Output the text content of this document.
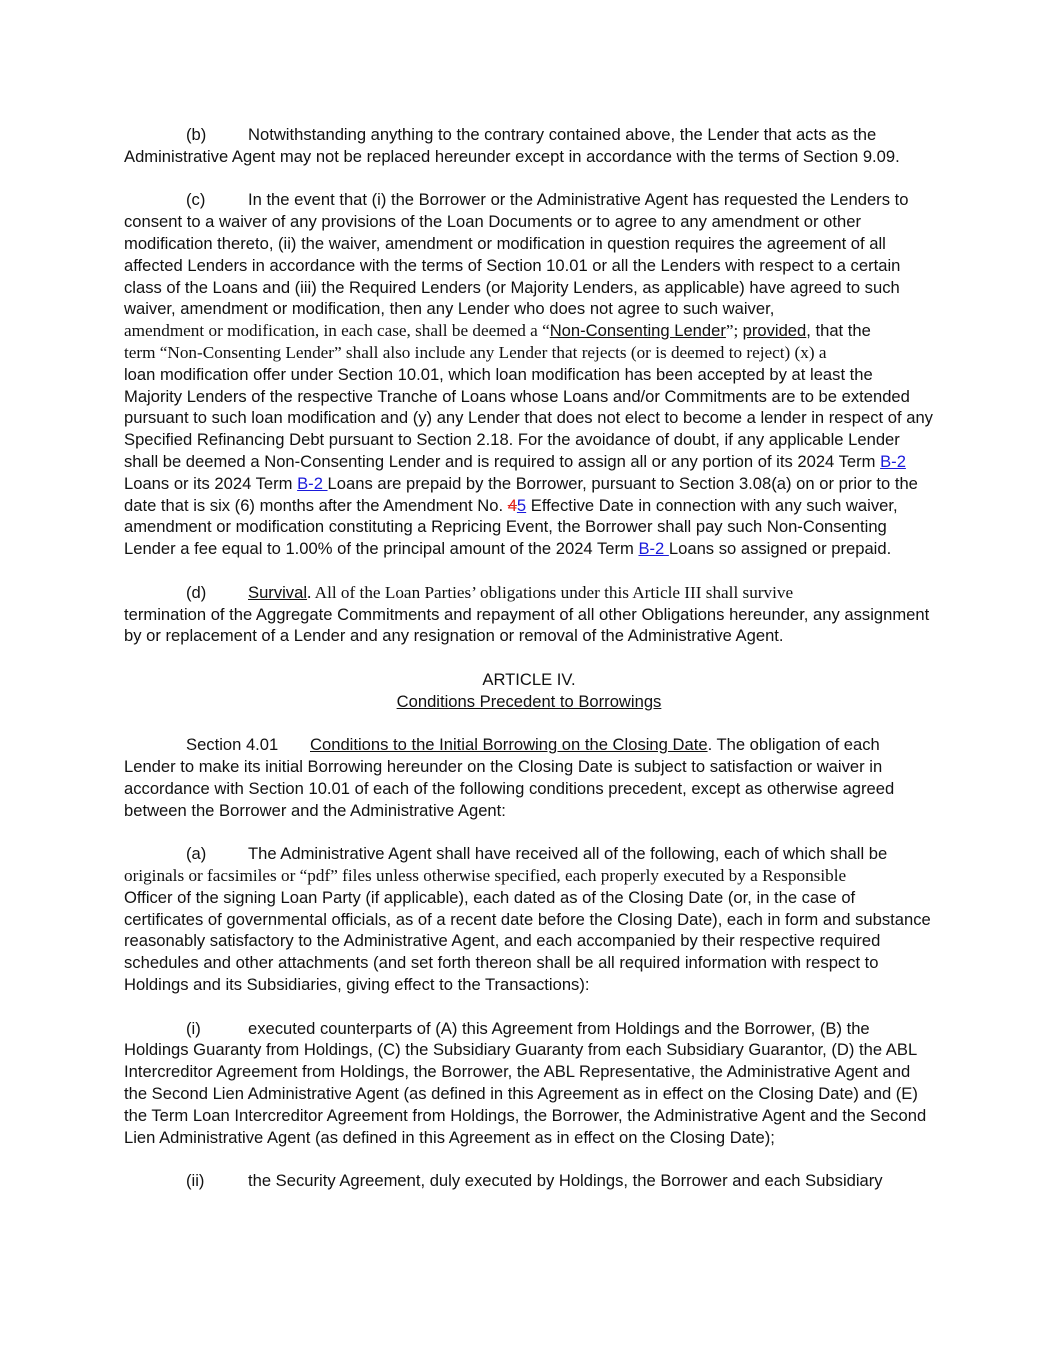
(b)	Notwithstanding anything to the contrary contained above, the Lender that acts as the Administrative Agent may not be replaced hereunder except in accordance with the terms of Section 9.09.

(c)	In the event that (i) the Borrower or the Administrative Agent has requested the Lenders to consent to a waiver of any provisions of the Loan Documents or to agree to any amendment or other modification thereto, (ii) the waiver, amendment or modification in question requires the agreement of all affected Lenders in accordance with the terms of Section 10.01 or all the Lenders with respect to a certain class of the Loans and (iii) the Required Lenders (or Majority Lenders, as applicable) have agreed to such waiver, amendment or modification, then any Lender who does not agree to such waiver,
amendment or modification, in each case, shall be deemed a “Non-Consenting Lender”; provided, that the
term “Non-Consenting Lender” shall also include any Lender that rejects (or is deemed to reject) (x) a
loan modification offer under Section 10.01, which loan modification has been accepted by at least the Majority Lenders of the respective Tranche of Loans whose Loans and/or Commitments are to be extended pursuant to such loan modification and (y) any Lender that does not elect to become a lender in respect of any Specified Refinancing Debt pursuant to Section 2.18. For the avoidance of doubt, if any applicable Lender shall be deemed a Non-Consenting Lender and is required to assign all or any portion of its 2024 Term B-2 Loans or its 2024 Term B-2 Loans are prepaid by the Borrower, pursuant to Section 3.08(a) on or prior to the date that is six (6) months after the Amendment No. 45 Effective Date in connection with any such waiver, amendment or modification constituting a Repricing Event, the Borrower shall pay such Non-Consenting Lender a fee equal to 1.00% of the principal amount of the 2024 Term B-2 Loans so assigned or prepaid.

(d)	Survival. All of the Loan Parties’ obligations under this Article III shall survive
termination of the Aggregate Commitments and repayment of all other Obligations hereunder, any assignment by or replacement of a Lender and any resignation or removal of the Administrative Agent.

ARTICLE IV.

Conditions Precedent to Borrowings

Section 4.01 Conditions to the Initial Borrowing on the Closing Date. The obligation of each Lender to make its initial Borrowing hereunder on the Closing Date is subject to satisfaction or waiver in accordance with Section 10.01 of each of the following conditions precedent, except as otherwise agreed between the Borrower and the Administrative Agent:

(a)	The Administrative Agent shall have received all of the following, each of which shall be
originals or facsimiles or “pdf” files unless otherwise specified, each properly executed by a Responsible
Officer of the signing Loan Party (if applicable), each dated as of the Closing Date (or, in the case of certificates of governmental officials, as of a recent date before the Closing Date), each in form and substance reasonably satisfactory to the Administrative Agent, and each accompanied by their respective required schedules and other attachments (and set forth thereon shall be all required information with respect to Holdings and its Subsidiaries, giving effect to the Transactions):

(i)	executed counterparts of (A) this Agreement from Holdings and the Borrower, (B) the Holdings Guaranty from Holdings, (C) the Subsidiary Guaranty from each Subsidiary Guarantor, (D) the ABL Intercreditor Agreement from Holdings, the Borrower, the ABL Representative, the Administrative Agent and the Second Lien Administrative Agent (as defined in this Agreement as in effect on the Closing Date) and (E) the Term Loan Intercreditor Agreement from Holdings, the Borrower, the Administrative Agent and the Second Lien Administrative Agent (as defined in this Agreement as in effect on the Closing Date);

(ii)	the Security Agreement, duly executed by Holdings, the Borrower and each Subsidiary
